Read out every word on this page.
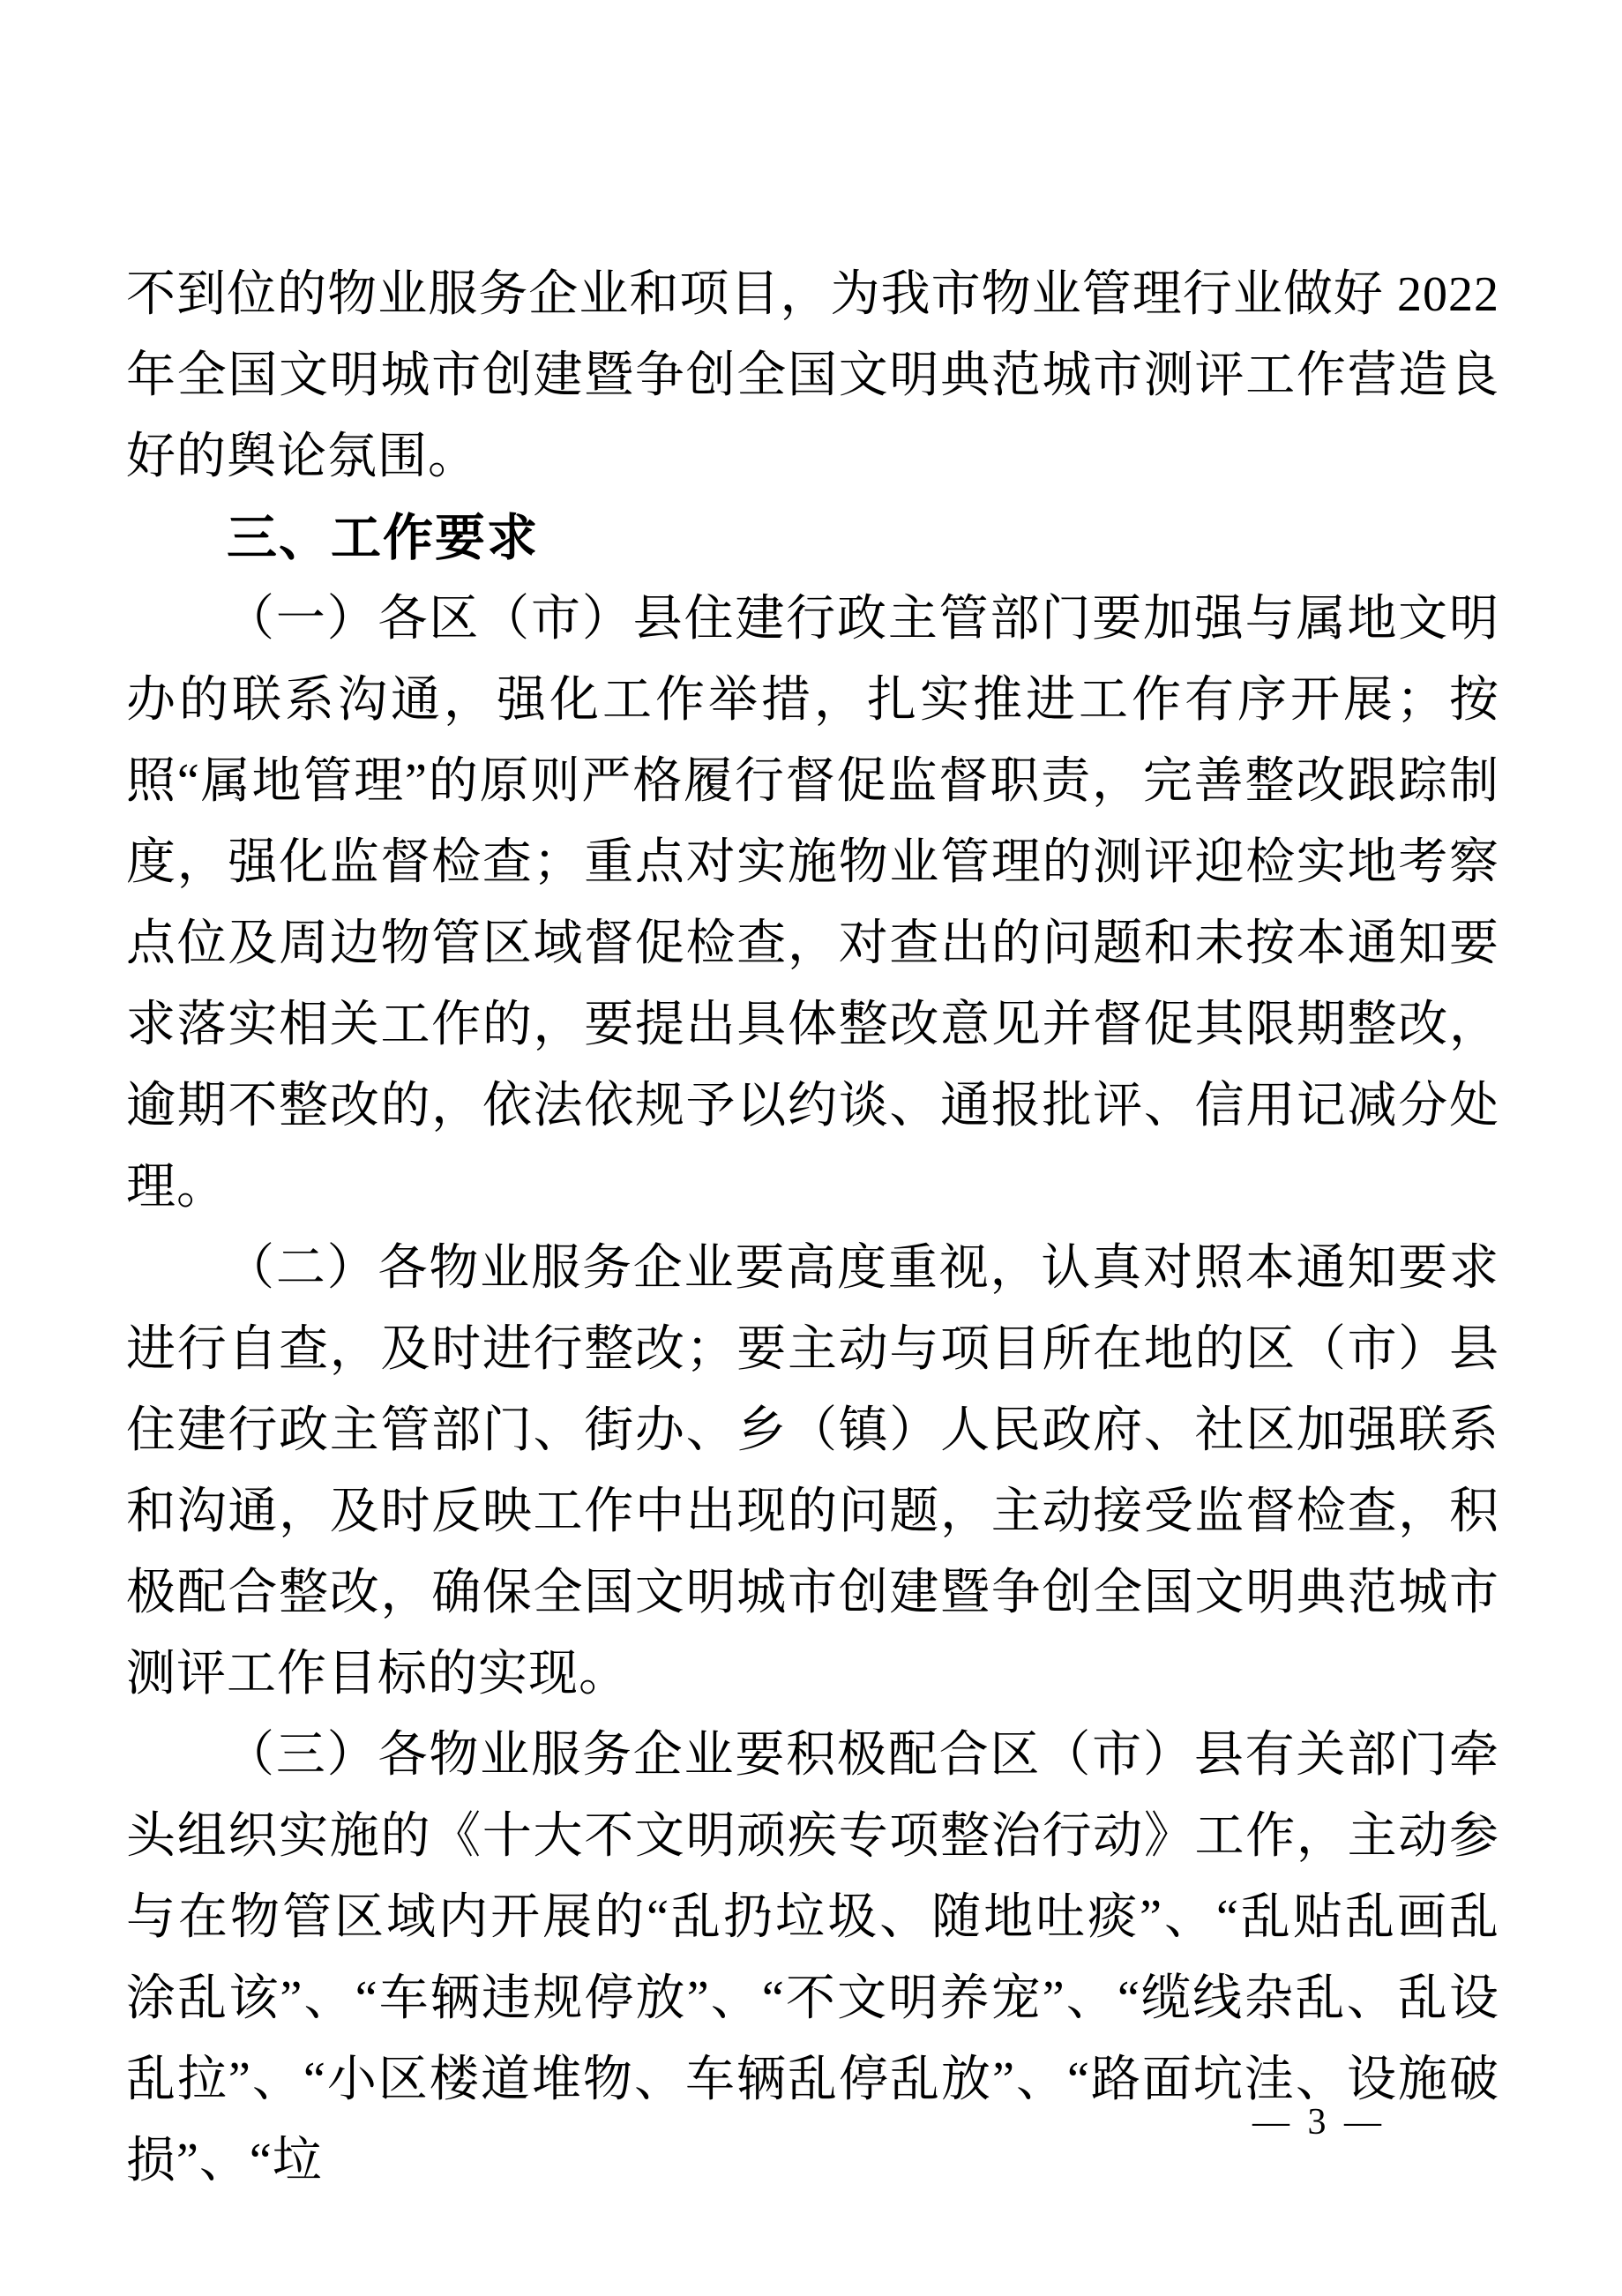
不到位的物业服务企业和项目，为我市物业管理行业做好 2022 年全国文明城市创建暨争创全国文明典范城市测评工作营造良好的舆论氛围。

三、工作要求

（一）各区（市）县住建行政主管部门要加强与属地文明办的联系沟通，强化工作举措，扎实推进工作有序开展；按照“属地管理”的原则严格履行督促监督职责，完善整改跟踪制度，强化监督检查；重点对实施物业管理的测评迎检实地考察点位及周边物管区域督促检查，对查出的问题和未按本通知要求落实相关工作的，要提出具体整改意见并督促其限期整改，逾期不整改的，依法依规予以约谈、通报批评、信用记减分处理。

（二）各物业服务企业要高度重视，认真对照本通知要求进行自查，及时进行整改；要主动与项目所在地的区（市）县住建行政主管部门、街办、乡（镇）人民政府、社区加强联系和沟通，及时反映工作中出现的问题，主动接受监督检查，积极配合整改，确保全国文明城市创建暨争创全国文明典范城市测评工作目标的实现。

（三）各物业服务企业要积极配合区（市）县有关部门牵头组织实施的《十大不文明顽疾专项整治行动》工作，主动参与在物管区域内开展的“乱扔垃圾、随地吐痰”、“乱贴乱画乱涂乱该”、“车辆违规停放”、“不文明养宠”、“缆线杂乱、乱设乱拉”、“小区楼道堆物、车辆乱停乱放”、“路面坑洼、设施破损”、“垃

— 3 —
